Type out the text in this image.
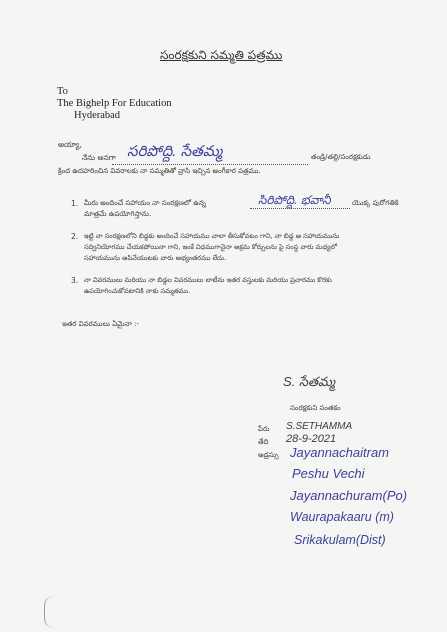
సంరక్షకుని సమ్మతి పత్రము
To
The Bighelp For Education
Hyderabad
అయ్యా,
నేను అనగా సరిపోద్ది. సేతమ్మ	తండ్రి/తల్లి/సంరక్షకుడు
క్రింద ఉదహరించిన వివరాలకు నా సమ్మతితో వ్రాసి ఇచ్చిన అంగీకార పత్రము.
1. మీరు అందించే సహాయం నా సంరక్షణలో ఉన్న	సిరిపోద్ది. భవానీ	యొక్క పురోగతికి
మాత్రమే ఉపయోగిస్తాను.
2. ఇట్టి నా సంరక్షణలోని బిడ్డకు అందించే సహాయము చాలా తీసుకోవటం గాని, నా బిడ్డ ఆ సహాయమును
సద్వినియోగము చేయకపోయినా గాని, ఇంకే విధముగానైనా అక్రమ కోర్చులను పై సంస్థ వారు మధ్యలో
సహాయమును ఆపివేయుటకు వారు అభ్యంతరము లేదు.
3. నా వివరములు మరియు నా బిడ్డల వివరములు లాటీను ఇతర వస్తులకు మరియు ప్రచారము కొరకు
ఉపయోగించుకోవటానికి నాకు సమ్మతము.
ఇతర వివరములు ఏమైనా :-
S. సేతమ్మ
సంరక్షకుని సంతకం
పేరు S.SETHAMMA
తేది 28-9-2021
అడ్రస్సు Jayannachaitram
Peshu Vechi
Jayannachuram(Po)
Waurapakaaru (m)
Srikakulam(Dist)
